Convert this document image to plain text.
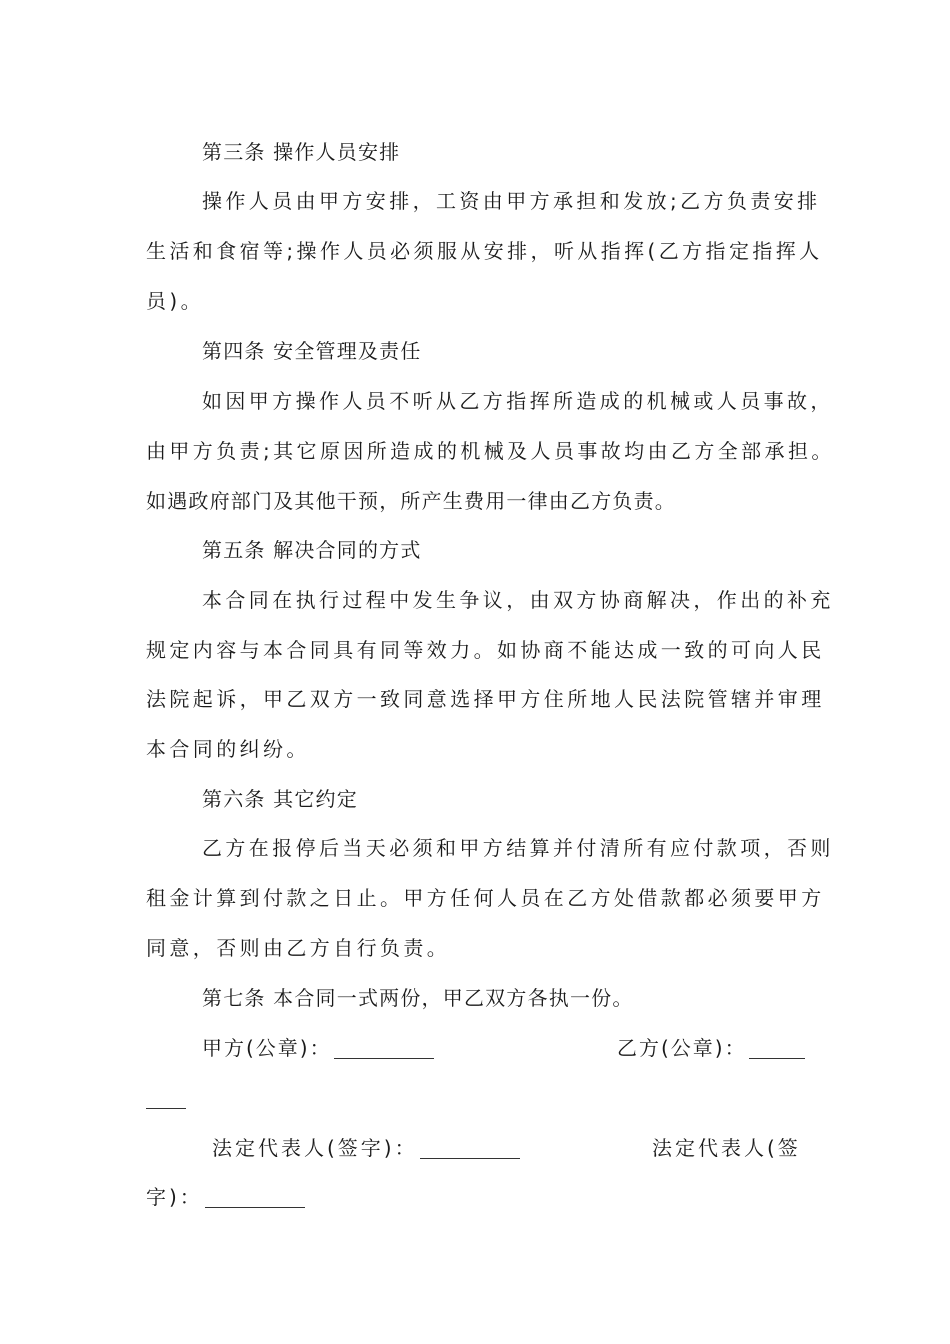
第三条 操作人员安排
操作人员由甲方安排，工资由甲方承担和发放;乙方负责安排
生活和食宿等;操作人员必须服从安排，听从指挥(乙方指定指挥人
员)。
第四条 安全管理及责任
如因甲方操作人员不听从乙方指挥所造成的机械或人员事故，
由甲方负责;其它原因所造成的机械及人员事故均由乙方全部承担。
如遇政府部门及其他干预，所产生费用一律由乙方负责。
第五条 解决合同的方式
本合同在执行过程中发生争议，由双方协商解决，作出的补充
规定内容与本合同具有同等效力。如协商不能达成一致的可向人民
法院起诉，甲乙双方一致同意选择甲方住所地人民法院管辖并审理
本合同的纠纷。
第六条 其它约定
乙方在报停后当天必须和甲方结算并付清所有应付款项，否则
租金计算到付款之日止。甲方任何人员在乙方处借款都必须要甲方
同意，否则由乙方自行负责。
第七条 本合同一式两份，甲乙双方各执一份。
甲方(公章)：	乙方(公章)：
法定代表人(签字)：	法定代表人(签
字)：
